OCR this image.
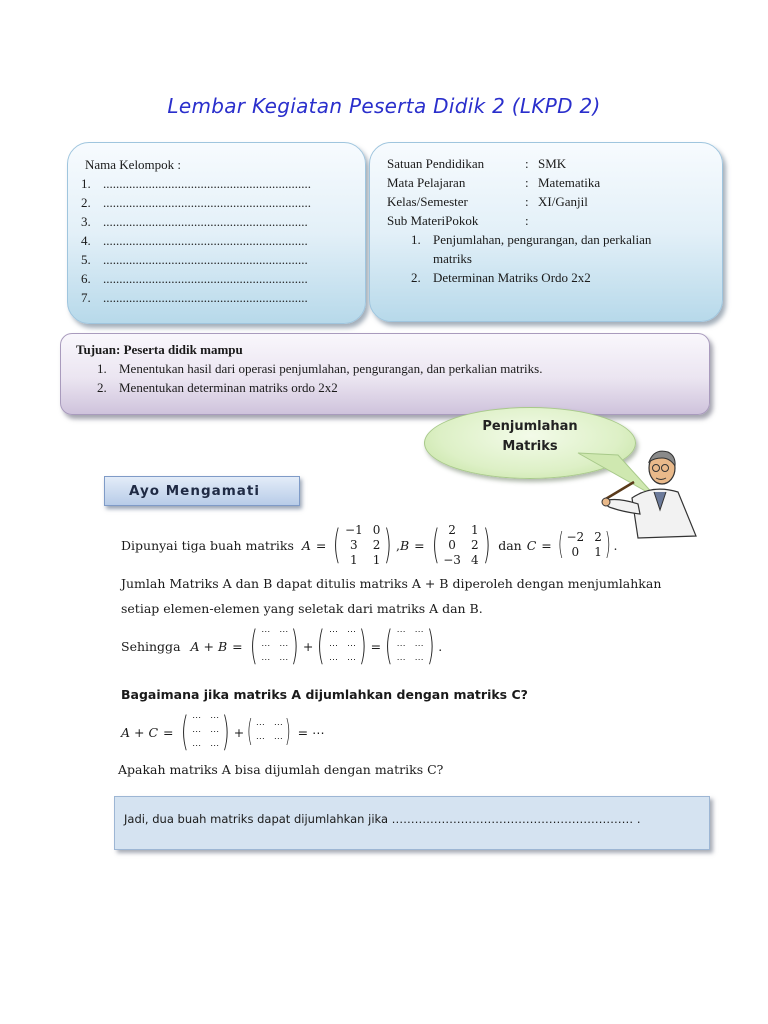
Lembar Kegiatan Peserta Didik 2 (LKPD 2)
Nama Kelompok :
1. ................................................................
2. ................................................................
3. ...............................................................
4. ...............................................................
5. ...............................................................
6. ...............................................................
7. ...............................................................
Satuan Pendidikan	: SMK
Mata Pelajaran	: Matematika
Kelas/Semester	: XI/Ganjil
Sub MateriPokok	:
1. Penjumlahan, pengurangan, dan perkalian
matriks
2. Determinan Matriks Ordo 2x2
Tujuan: Peserta didik mampu
1. Menentukan hasil dari operasi penjumlahan, pengurangan, dan perkalian matriks.
2. Menentukan determinan matriks ordo 2x2
Penjumlahan
Matriks
Ayo Mengamati
Dipunyai tiga buah matriks A = ( −1 0
3	2
1	1 ) , B = ( 2	1
0	2
−3 4 ) dan C = ( −2 2
0	1 ) .
Jumlah Matriks A dan B dapat ditulis matriks A + B diperoleh dengan menjumlahkan
setiap elemen-elemen yang seletak dari matriks A dan B.
Sehingga A + B = ( ⋯ ⋯
⋯ ⋯
⋯ ⋯ ) + ( ⋯ ⋯
⋯ ⋯
⋯ ⋯ ) = ( ⋯ ⋯
⋯ ⋯
⋯ ⋯ ) .
Bagaimana jika matriks A dijumlahkan dengan matriks C?
A + C = ( ⋯ ⋯
⋯ ⋯
⋯ ⋯ ) + ( ⋯ ⋯
⋯ ⋯ ) = ⋯
Apakah matriks A bisa dijumlah dengan matriks C?
Jadi, dua buah matriks dapat dijumlahkan jika ……………………………………………………… .
